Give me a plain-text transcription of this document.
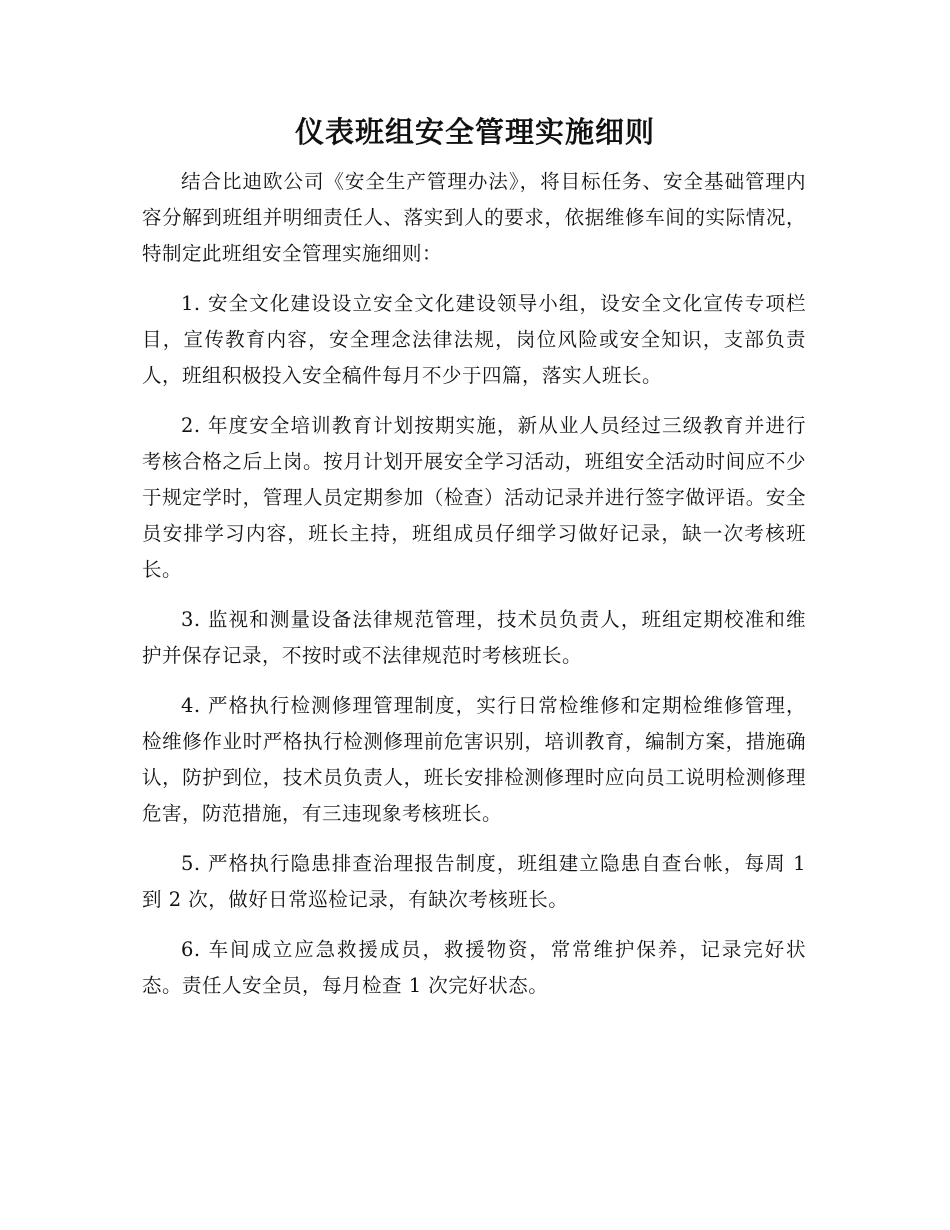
仪表班组安全管理实施细则

结合比迪欧公司《安全生产管理办法》，将目标任务、安全基础管理内容分解到班组并明细责任人、落实到人的要求，依据维修车间的实际情况，特制定此班组安全管理实施细则：

1. 安全文化建设设立安全文化建设领导小组，设安全文化宣传专项栏目，宣传教育内容，安全理念法律法规，岗位风险或安全知识，支部负责人，班组积极投入安全稿件每月不少于四篇，落实人班长。

2. 年度安全培训教育计划按期实施，新从业人员经过三级教育并进行考核合格之后上岗。按月计划开展安全学习活动，班组安全活动时间应不少于规定学时，管理人员定期参加（检查）活动记录并进行签字做评语。安全员安排学习内容，班长主持，班组成员仔细学习做好记录，缺一次考核班长。

3. 监视和测量设备法律规范管理，技术员负责人，班组定期校准和维护并保存记录，不按时或不法律规范时考核班长。

4. 严格执行检测修理管理制度，实行日常检维修和定期检维修管理，检维修作业时严格执行检测修理前危害识别，培训教育，编制方案，措施确认，防护到位，技术员负责人，班长安排检测修理时应向员工说明检测修理危害，防范措施，有三违现象考核班长。

5. 严格执行隐患排查治理报告制度，班组建立隐患自查台帐，每周 1 到 2 次，做好日常巡检记录，有缺次考核班长。

6. 车间成立应急救援成员，救援物资，常常维护保养，记录完好状态。责任人安全员，每月检查 1 次完好状态。
